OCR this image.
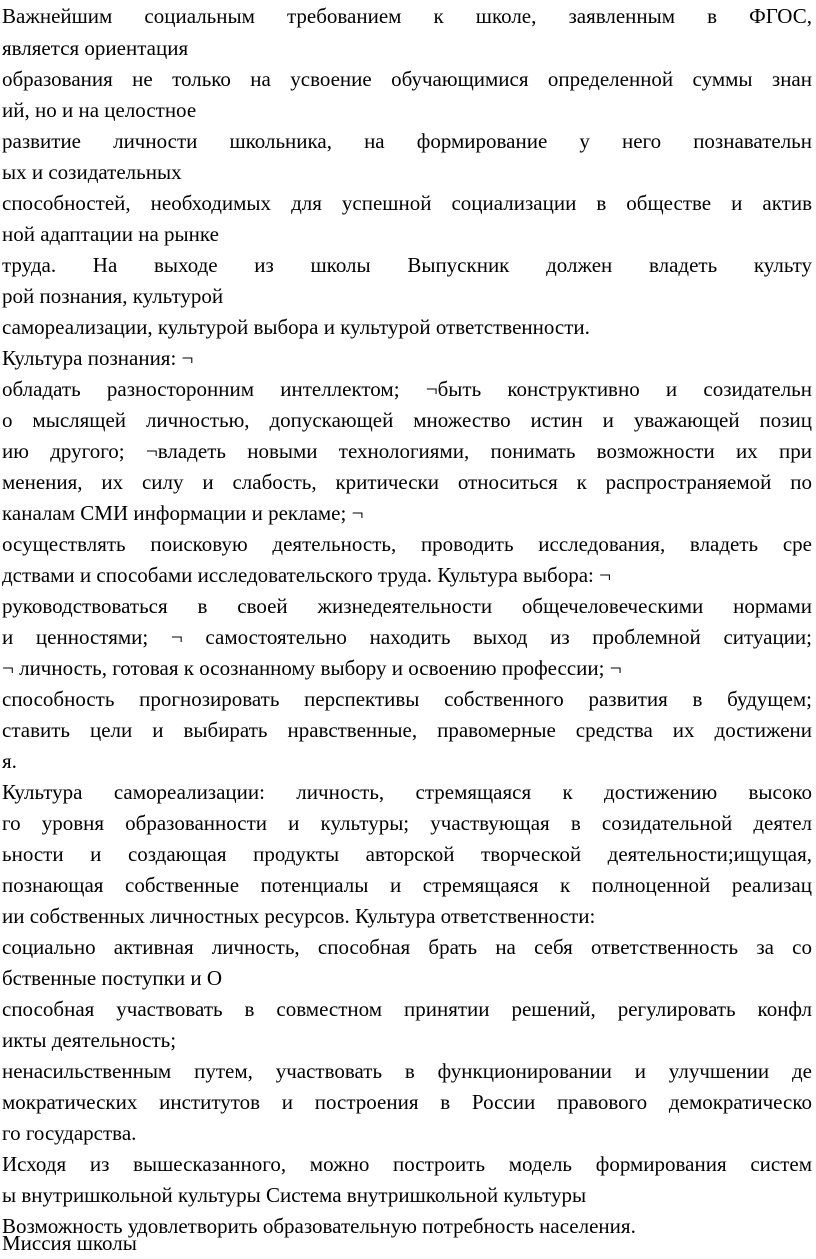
Важнейшим социальным требованием к школе, заявленным в ФГОС,
является ориентация
образования не только на усвоение обучающимися определенной суммы знан
ий, но и на целостное
развитие личности школьника, на формирование у него познавательн
ых и созидательных
способностей, необходимых для успешной социализации в обществе и актив
ной адаптации на рынке
труда. На выходе из школы Выпускник должен владеть культу
рой познания, культурой
самореализации, культурой выбора и культурой ответственности.
Культура познания: ¬
обладать разносторонним интеллектом; ¬быть конструктивно и созидательн
о мыслящей личностью, допускающей множество истин и уважающей позиц
ию другого; ¬владеть новыми технологиями, понимать возможности их при
менения, их силу и слабость, критически относиться к распространяемой по
каналам СМИ информации и рекламе; ¬
осуществлять поисковую деятельность, проводить исследования, владеть сре
дствами и способами исследовательского труда. Культура выбора: ¬
руководствоваться в своей жизнедеятельности общечеловеческими нормами
и ценностями; ¬ самостоятельно находить выход из проблемной ситуации;
¬ личность, готовая к осознанному выбору и освоению профессии; ¬
способность прогнозировать перспективы собственного развития в будущем;
ставить цели и выбирать нравственные, правомерные средства их достижени
я.
Культура самореализации: личность, стремящаяся к достижению высоко
го уровня образованности и культуры; участвующая в созидательной деятел
ьности и создающая продукты авторской творческой деятельности;ищущая,
познающая собственные потенциалы и стремящаяся к полноценной реализац
ии собственных личностных ресурсов. Культура ответственности:
социально активная личность, способная брать на себя ответственность за со
бственные поступки и О
способная участвовать в совместном принятии решений, регулировать конфл
икты деятельность;
ненасильственным путем, участвовать в функционировании и улучшении де
мократических институтов и построения в России правового демократическо
го государства.
Исходя из вышесказанного, можно построить модель формирования систем
ы внутришкольной культуры Система внутришкольной культуры
Возможность удовлетворить образовательную потребность населения.
Миссия школы
